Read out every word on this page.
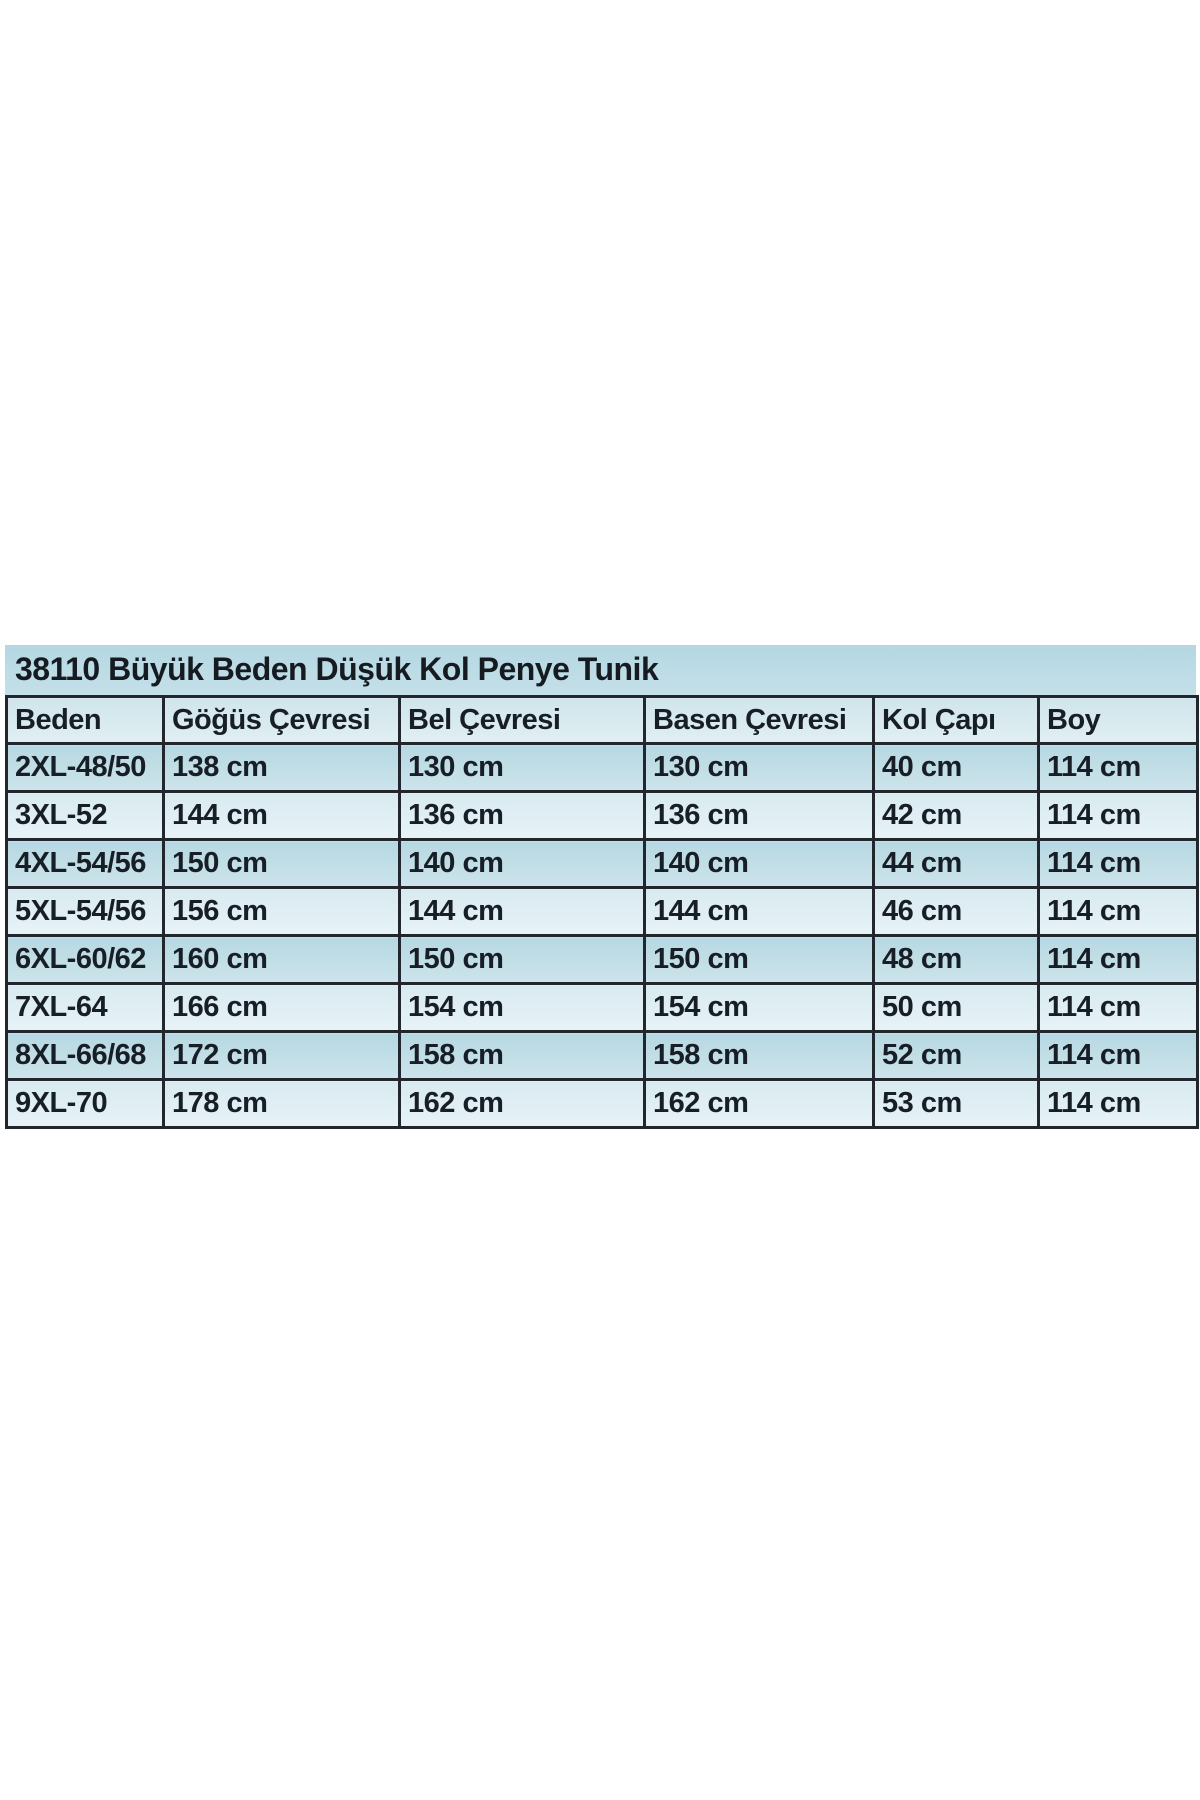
38110 Büyük Beden Düşük Kol Penye Tunik
Beden	Göğüs Çevresi	Bel Çevresi	Basen Çevresi	Kol Çapı	Boy
2XL-48/50	138 cm	130 cm	130 cm	40 cm	114 cm
3XL-52	144 cm	136 cm	136 cm	42 cm	114 cm
4XL-54/56	150 cm	140 cm	140 cm	44 cm	114 cm
5XL-54/56	156 cm	144 cm	144 cm	46 cm	114 cm
6XL-60/62	160 cm	150 cm	150 cm	48 cm	114 cm
7XL-64	166 cm	154 cm	154 cm	50 cm	114 cm
8XL-66/68	172 cm	158 cm	158 cm	52 cm	114 cm
9XL-70	178 cm	162 cm	162 cm	53 cm	114 cm
